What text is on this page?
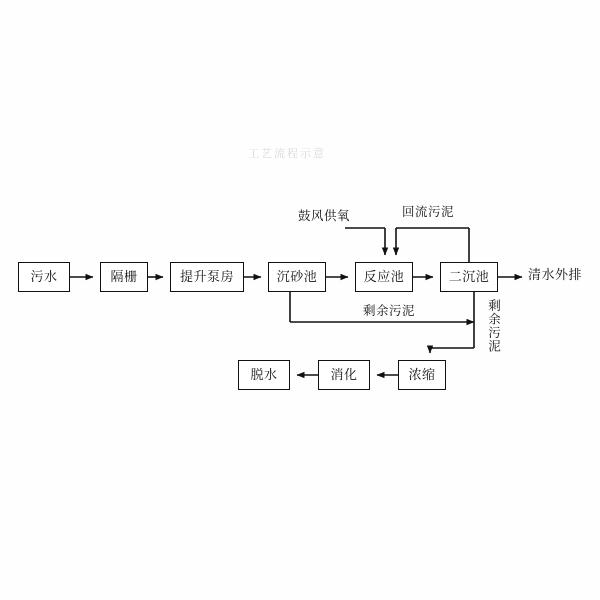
污水	隔栅	提升泵房	沉砂池	反应池	二沉池
浓缩
消化
脱水
鼓风供氧	回流污泥
剩余污泥	剩余污泥
清水外排
工艺流程示意
